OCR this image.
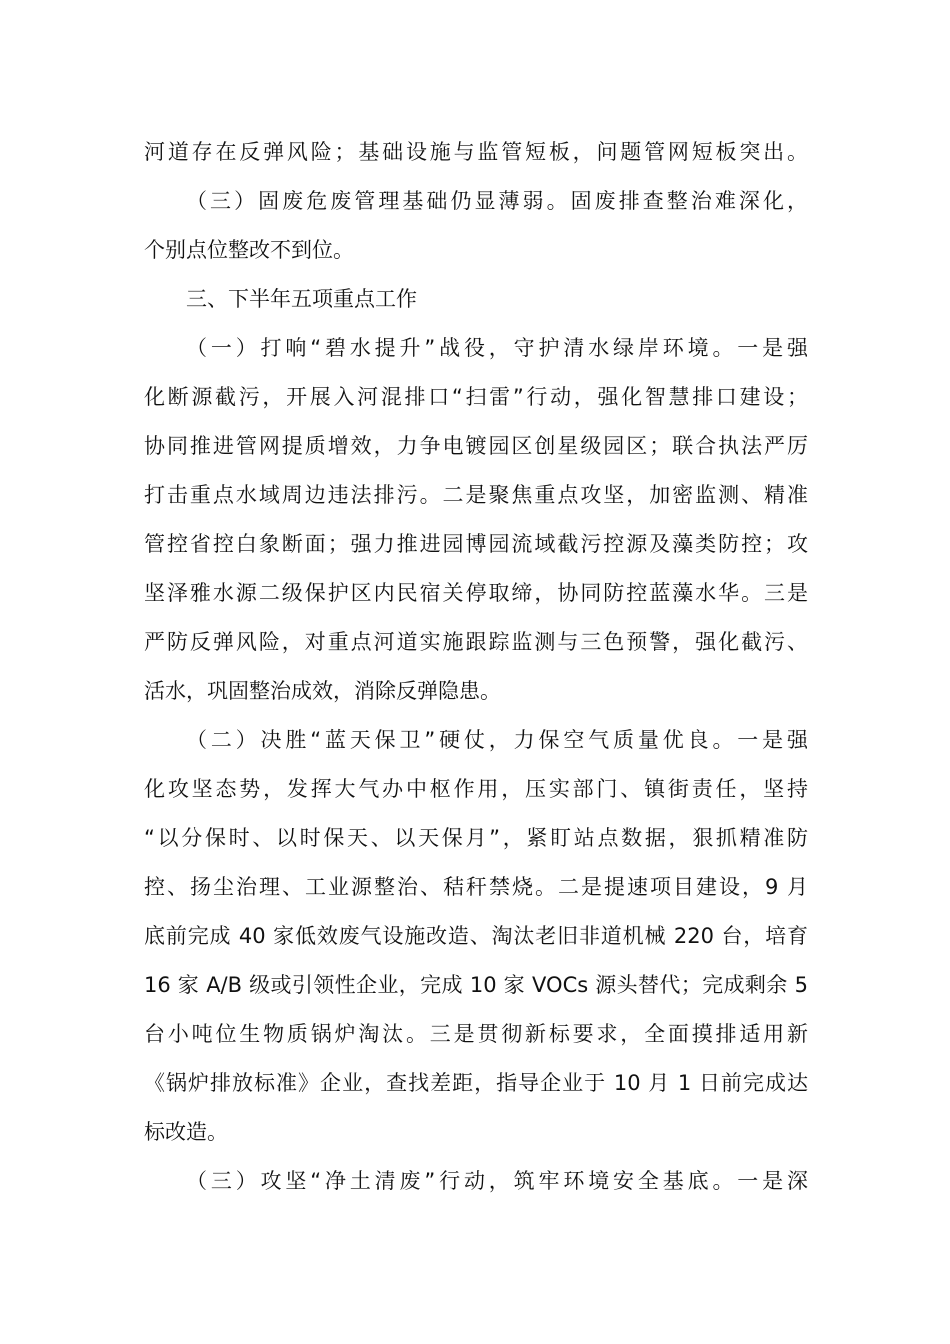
河道存在反弹风险；基础设施与监管短板，问题管网短板突出。
（三）固废危废管理基础仍显薄弱。固废排查整治难深化，
个别点位整改不到位。
三、下半年五项重点工作
（一）打响“碧水提升”战役，守护清水绿岸环境。一是强
化断源截污，开展入河混排口“扫雷”行动，强化智慧排口建设；
协同推进管网提质增效，力争电镀园区创星级园区；联合执法严厉
打击重点水域周边违法排污。二是聚焦重点攻坚，加密监测、精准
管控省控白象断面；强力推进园博园流域截污控源及藻类防控；攻
坚泽雅水源二级保护区内民宿关停取缔，协同防控蓝藻水华。三是
严防反弹风险，对重点河道实施跟踪监测与三色预警，强化截污、
活水，巩固整治成效，消除反弹隐患。
（二）决胜“蓝天保卫”硬仗，力保空气质量优良。一是强
化攻坚态势，发挥大气办中枢作用，压实部门、镇街责任，坚持
“以分保时、以时保天、以天保月”，紧盯站点数据，狠抓精准防
控、扬尘治理、工业源整治、秸秆禁烧。二是提速项目建设，9 月
底前完成 40 家低效废气设施改造、淘汰老旧非道机械 220 台，培育
16 家 A/B 级或引领性企业，完成 10 家 VOCs 源头替代；完成剩余 5
台小吨位生物质锅炉淘汰。三是贯彻新标要求，全面摸排适用新
《锅炉排放标准》企业，查找差距，指导企业于 10 月 1 日前完成达
标改造。
（三）攻坚“净土清废”行动，筑牢环境安全基底。一是深
